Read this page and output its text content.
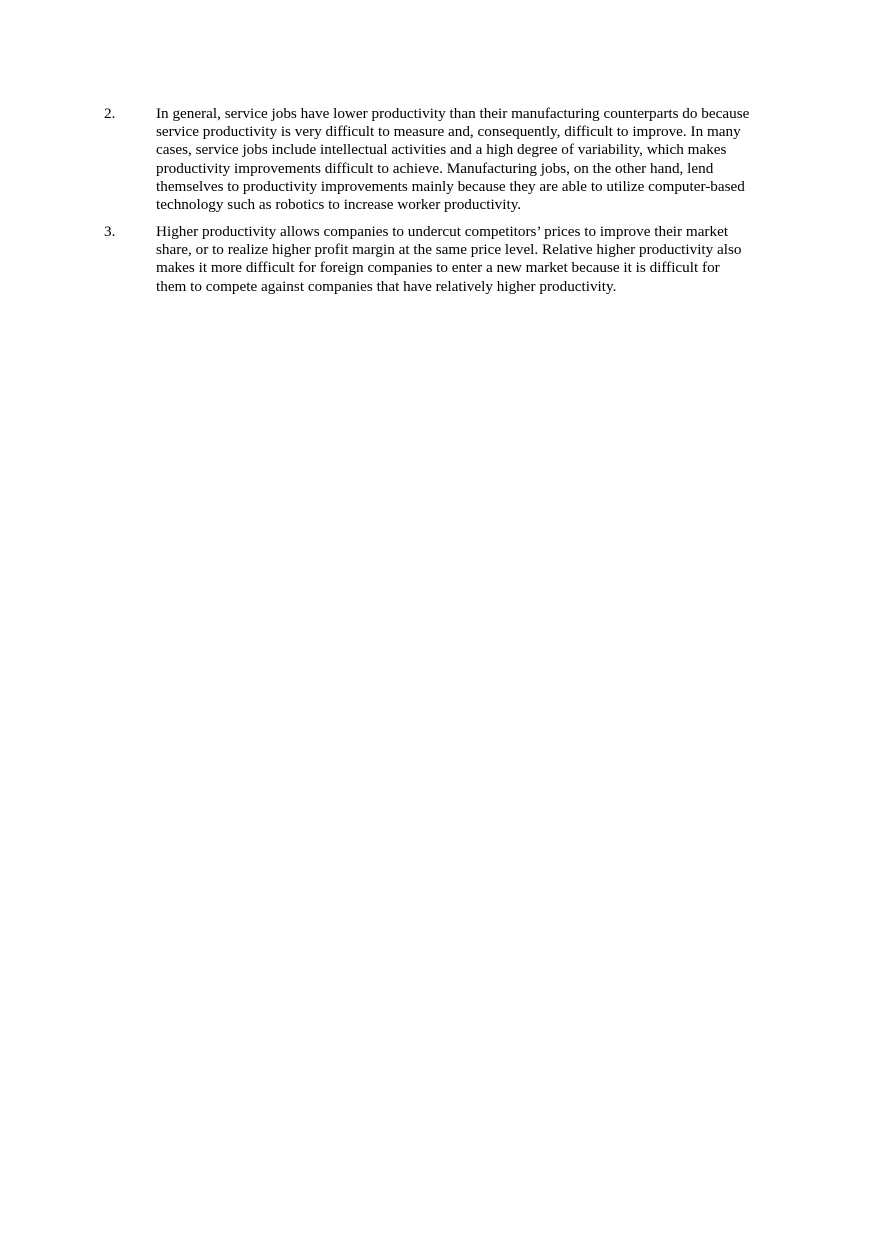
2.	In general, service jobs have lower productivity than their manufacturing counterparts do because
service productivity is very difficult to measure and, consequently, difficult to improve. In many
cases, service jobs include intellectual activities and a high degree of variability, which makes
productivity improvements difficult to achieve. Manufacturing jobs, on the other hand, lend
themselves to productivity improvements mainly because they are able to utilize computer-based
technology such as robotics to increase worker productivity.
3.	Higher productivity allows companies to undercut competitors’ prices to improve their market
share, or to realize higher profit margin at the same price level. Relative higher productivity also
makes it more difficult for foreign companies to enter a new market because it is difficult for
them to compete against companies that have relatively higher productivity.
